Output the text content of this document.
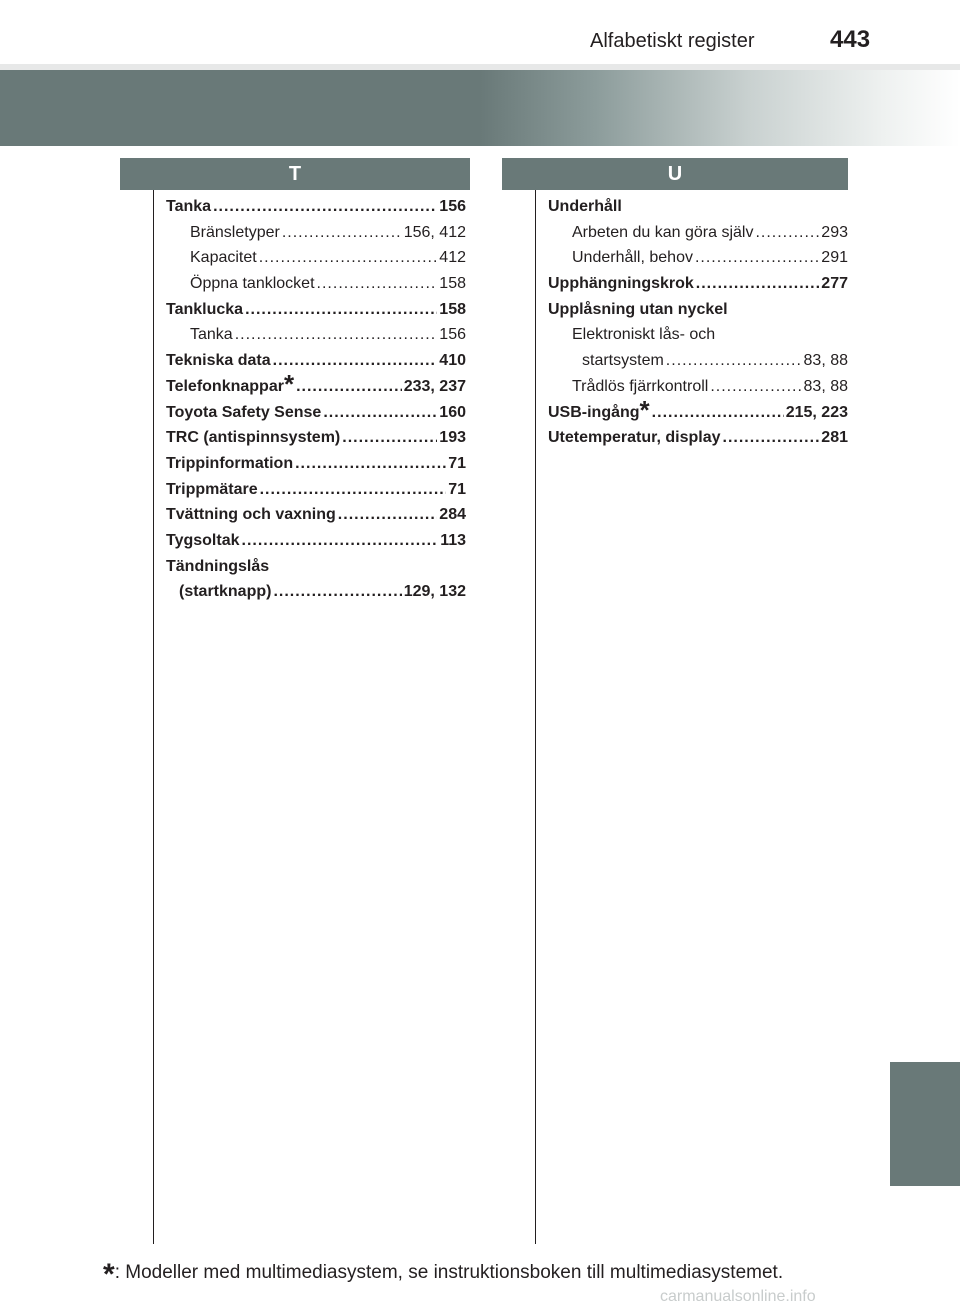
Alfabetiskt register	443
T	U
Tanka .....	156
Bränsletyper .....	156, 412
Kapacitet .....	412
Öppna tanklocket .....	158
Tanklucka .....	158
Tanka .....	156
Tekniska data .....	410
Telefonknappar * .....	233, 237
Toyota Safety Sense .....	160
TRC (antispinnsystem) .....	193
Trippinformation .....	71
Trippmätare .....	71
Tvättning och vaxning .....	284
Tygsoltak .....	113
Tändningslås
(startknapp) .....	129, 132
Underhåll
Arbeten du kan göra själv .....	293
Underhåll, behov .....	291
Upphängningskrok .....	277
Upplåsning utan nyckel
Elektroniskt lås- och
startsystem .....	83, 88
Trådlös fjärrkontroll .....	83, 88
USB-ingång * .....	215, 223
Utetemperatur, display .....	281
*: Modeller med multimediasystem, se instruktionsboken till multimediasystemet.
carmanualsonline.info
